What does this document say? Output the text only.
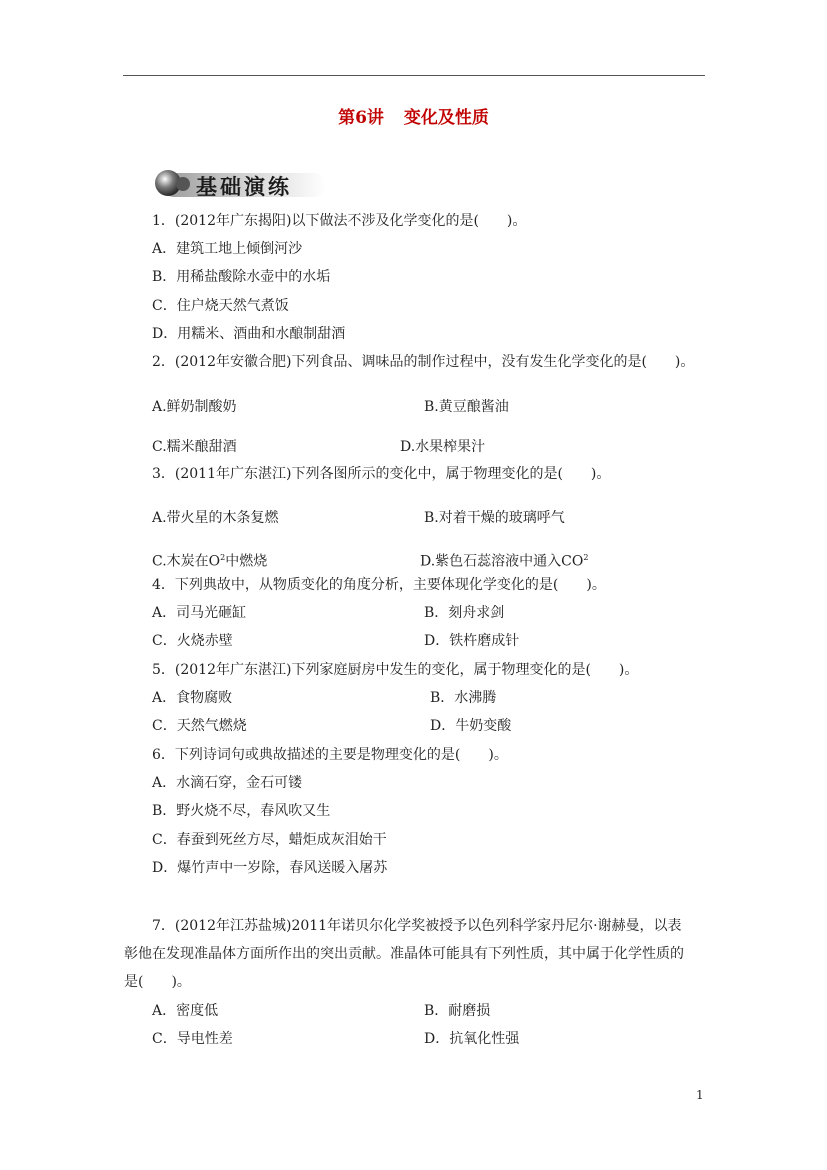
第6讲 变化及性质
基础演练
1．(2012年广东揭阳)以下做法不涉及化学变化的是(　　)。
A．建筑工地上倾倒河沙
B．用稀盐酸除水壶中的水垢
C．住户烧天然气煮饭
D．用糯米、酒曲和水酿制甜酒
2．(2012年安徽合肥)下列食品、调味品的制作过程中，没有发生化学变化的是(　　)。
A.鲜奶制酸奶	B.黄豆酿酱油
C.糯米酿甜酒	D.水果榨果汁
3．(2011年广东湛江)下列各图所示的变化中，属于物理变化的是(　　)。
A.带火星的木条复燃	B.对着干燥的玻璃呼气
C.木炭在$O^2$中燃烧	D.紫色石蕊溶液中通入$CO^2$
4．下列典故中，从物质变化的角度分析，主要体现化学变化的是(　　)。
A．司马光砸缸	B．刻舟求剑
C．火烧赤壁	D．铁杵磨成针
5．(2012年广东湛江)下列家庭厨房中发生的变化，属于物理变化的是(　　)。
A．食物腐败	B．水沸腾
C．天然气燃烧	D．牛奶变酸
6．下列诗词句或典故描述的主要是物理变化的是(　　)。
A．水滴石穿，金石可镂
B．野火烧不尽，春风吹又生
C．春蚕到死丝方尽，蜡炬成灰泪始干
D．爆竹声中一岁除，春风送暖入屠苏
7．(2012年江苏盐城)2011年诺贝尔化学奖被授予以色列科学家丹尼尔·谢赫曼，以表
彰他在发现准晶体方面所作出的突出贡献。准晶体可能具有下列性质，其中属于化学性质的
是(　　)。
A．密度低	B．耐磨损
C．导电性差	D．抗氧化性强
1
